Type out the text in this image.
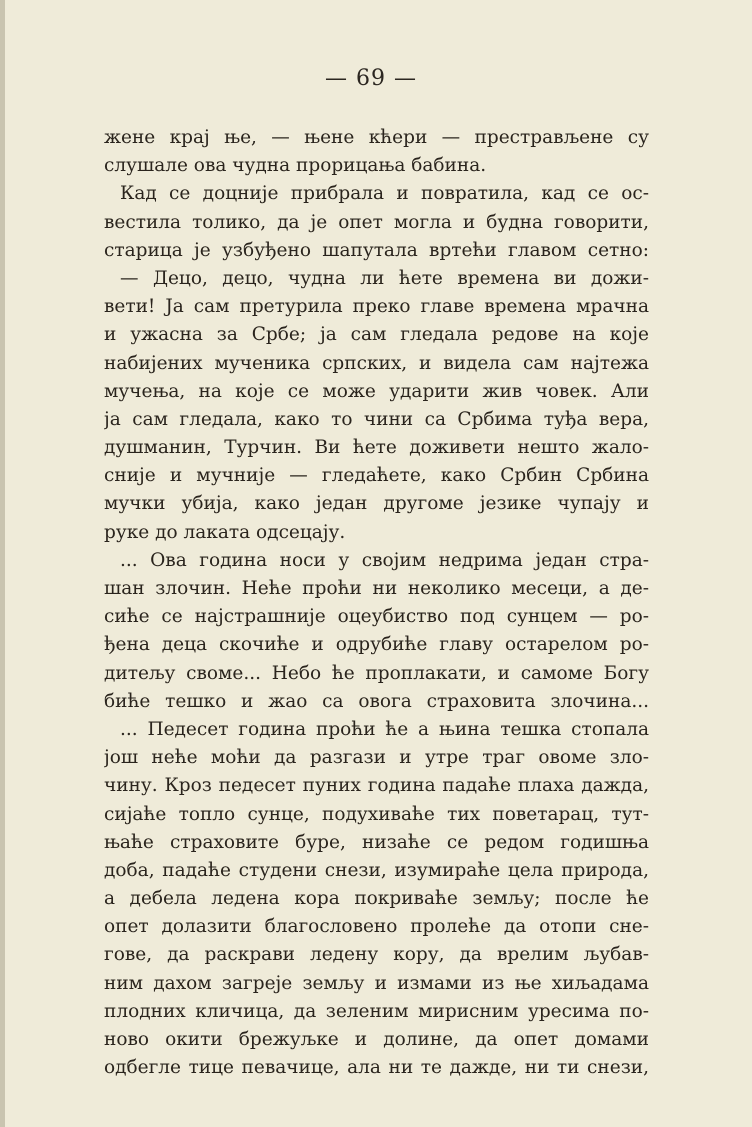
— 69 —
жене крај ње, — њене кћери — престрављене су
слушале ова чудна прорицања бабина.
Кад се доцније прибрала и повратила, кад се ос-
вестила толико, да је опет могла и будна говорити,
старица је узбуђено шапутала вртећи главом сетно:
— Децо, децо, чудна ли ћете времена ви дожи-
вети! Ја сам претурила преко главе времена мрачна
и ужасна за Србе; ја сам гледала редове на које
набијених мученика српских, и видела сам најтежа
мучења, на које се може ударити жив човек. Али
ја сам гледала, како то чини са Србима туђа вера,
душманин, Турчин. Ви ћете доживети нешто жало-
сније и мучније — гледаћете, како Србин Србина
мучки убија, како један другоме језике чупају и
руке до лаката одсецају.
... Ова година носи у својим недрима један стра-
шан злочин. Неће проћи ни неколико месеци, а де-
сиће се најстрашније оцеубиство под сунцем — ро-
ђена деца скочиће и одрубиће главу остарелом ро-
дитељу своме... Небо ће проплакати, и самоме Богу
биће тешко и жао са овога страховита злочина...
... Педесет година проћи ће а њина тешка стопала
још неће моћи да разгази и утре траг овоме зло-
чину. Кроз педесет пуних година падаће плаха дажда,
сијаће топло сунце, подухиваће тих поветарац, тут-
њаће страховите буре, низаће се редом годишња
доба, падаће студени снези, изумираће цела природа,
а дебела ледена кора покриваће земљу; после ће
опет долазити благословено пролеће да отопи сне-
гове, да раскрави ледену кору, да врелим љубав-
ним дахом загреје земљу и измами из ње хиљадама
плодних кличица, да зеленим мирисним уресима по-
ново окити брежуљке и долине, да опет домами
одбегле тице певачице, ала ни те дажде, ни ти снези,
